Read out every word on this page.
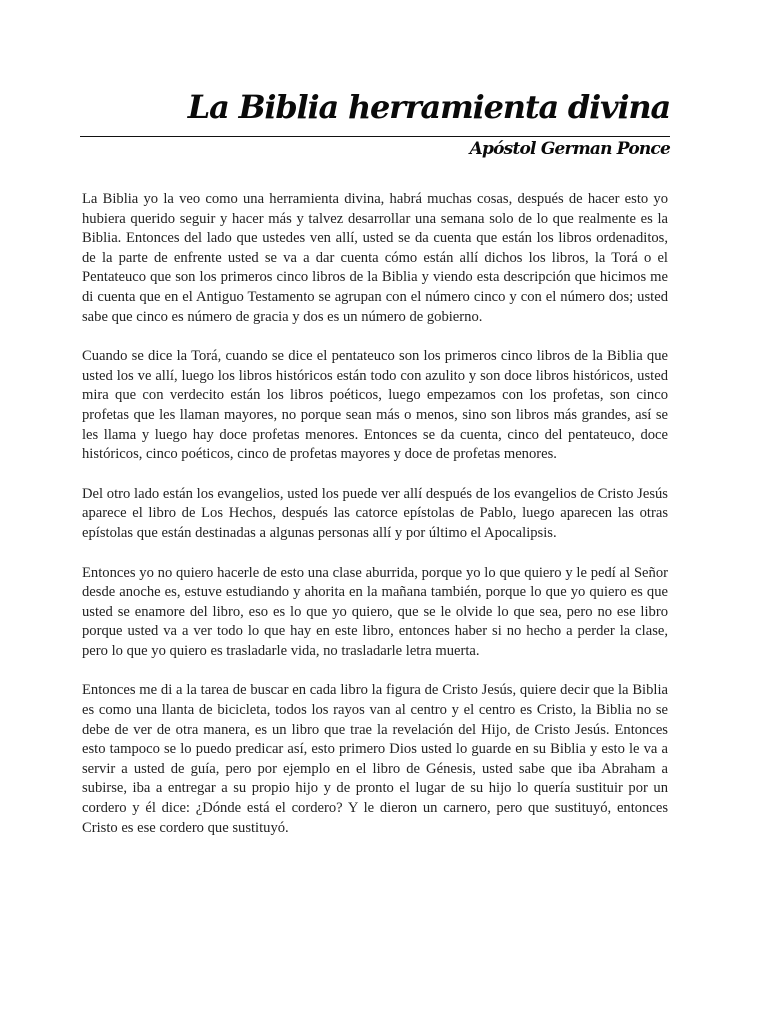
La Biblia herramienta divina

Apóstol German Ponce

La Biblia yo la veo como una herramienta divina, habrá muchas cosas, después de hacer esto yo hubiera querido seguir y hacer más y talvez desarrollar una semana solo de lo que realmente es la Biblia. Entonces del lado que ustedes ven allí, usted se da cuenta que están los libros ordenaditos, de la parte de enfrente usted se va a dar cuenta cómo están allí dichos los libros, la Torá o el Pentateuco que son los primeros cinco libros de la Biblia y viendo esta descripción que hicimos me di cuenta que en el Antiguo Testamento se agrupan con el número cinco y con el número dos; usted sabe que cinco es número de gracia y dos es un número de gobierno.

Cuando se dice la Torá, cuando se dice el pentateuco son los primeros cinco libros de la Biblia que usted los ve allí, luego los libros históricos están todo con azulito y son doce libros históricos, usted mira que con verdecito están los libros poéticos, luego empezamos con los profetas, son cinco profetas que les llaman mayores, no porque sean más o menos, sino son libros más grandes, así se les llama y luego hay doce profetas menores. Entonces se da cuenta, cinco del pentateuco, doce históricos, cinco poéticos, cinco de profetas mayores y doce de profetas menores.

Del otro lado están los evangelios, usted los puede ver allí después de los evangelios de Cristo Jesús aparece el libro de Los Hechos, después las catorce epístolas de Pablo, luego aparecen las otras epístolas que están destinadas a algunas personas allí y por último el Apocalipsis.

Entonces yo no quiero hacerle de esto una clase aburrida, porque yo lo que quiero y le pedí al Señor desde anoche es, estuve estudiando y ahorita en la mañana también, porque lo que yo quiero es que usted se enamore del libro, eso es lo que yo quiero, que se le olvide lo que sea, pero no ese libro porque usted va a ver todo lo que hay en este libro, entonces haber si no hecho a perder la clase, pero lo que yo quiero es trasladarle vida, no trasladarle letra muerta.

Entonces me di a la tarea de buscar en cada libro la figura de Cristo Jesús, quiere decir que la Biblia es como una llanta de bicicleta, todos los rayos van al centro y el centro es Cristo, la Biblia no se debe de ver de otra manera, es un libro que trae la revelación del Hijo, de Cristo Jesús. Entonces esto tampoco se lo puedo predicar así, esto primero Dios usted lo guarde en su Biblia y esto le va a servir a usted de guía, pero por ejemplo en el libro de Génesis, usted sabe que iba Abraham a subirse, iba a entregar a su propio hijo y de pronto el lugar de su hijo lo quería sustituir por un cordero y él dice: ¿Dónde está el cordero? Y le dieron un carnero, pero que sustituyó, entonces Cristo es ese cordero que sustituyó.
